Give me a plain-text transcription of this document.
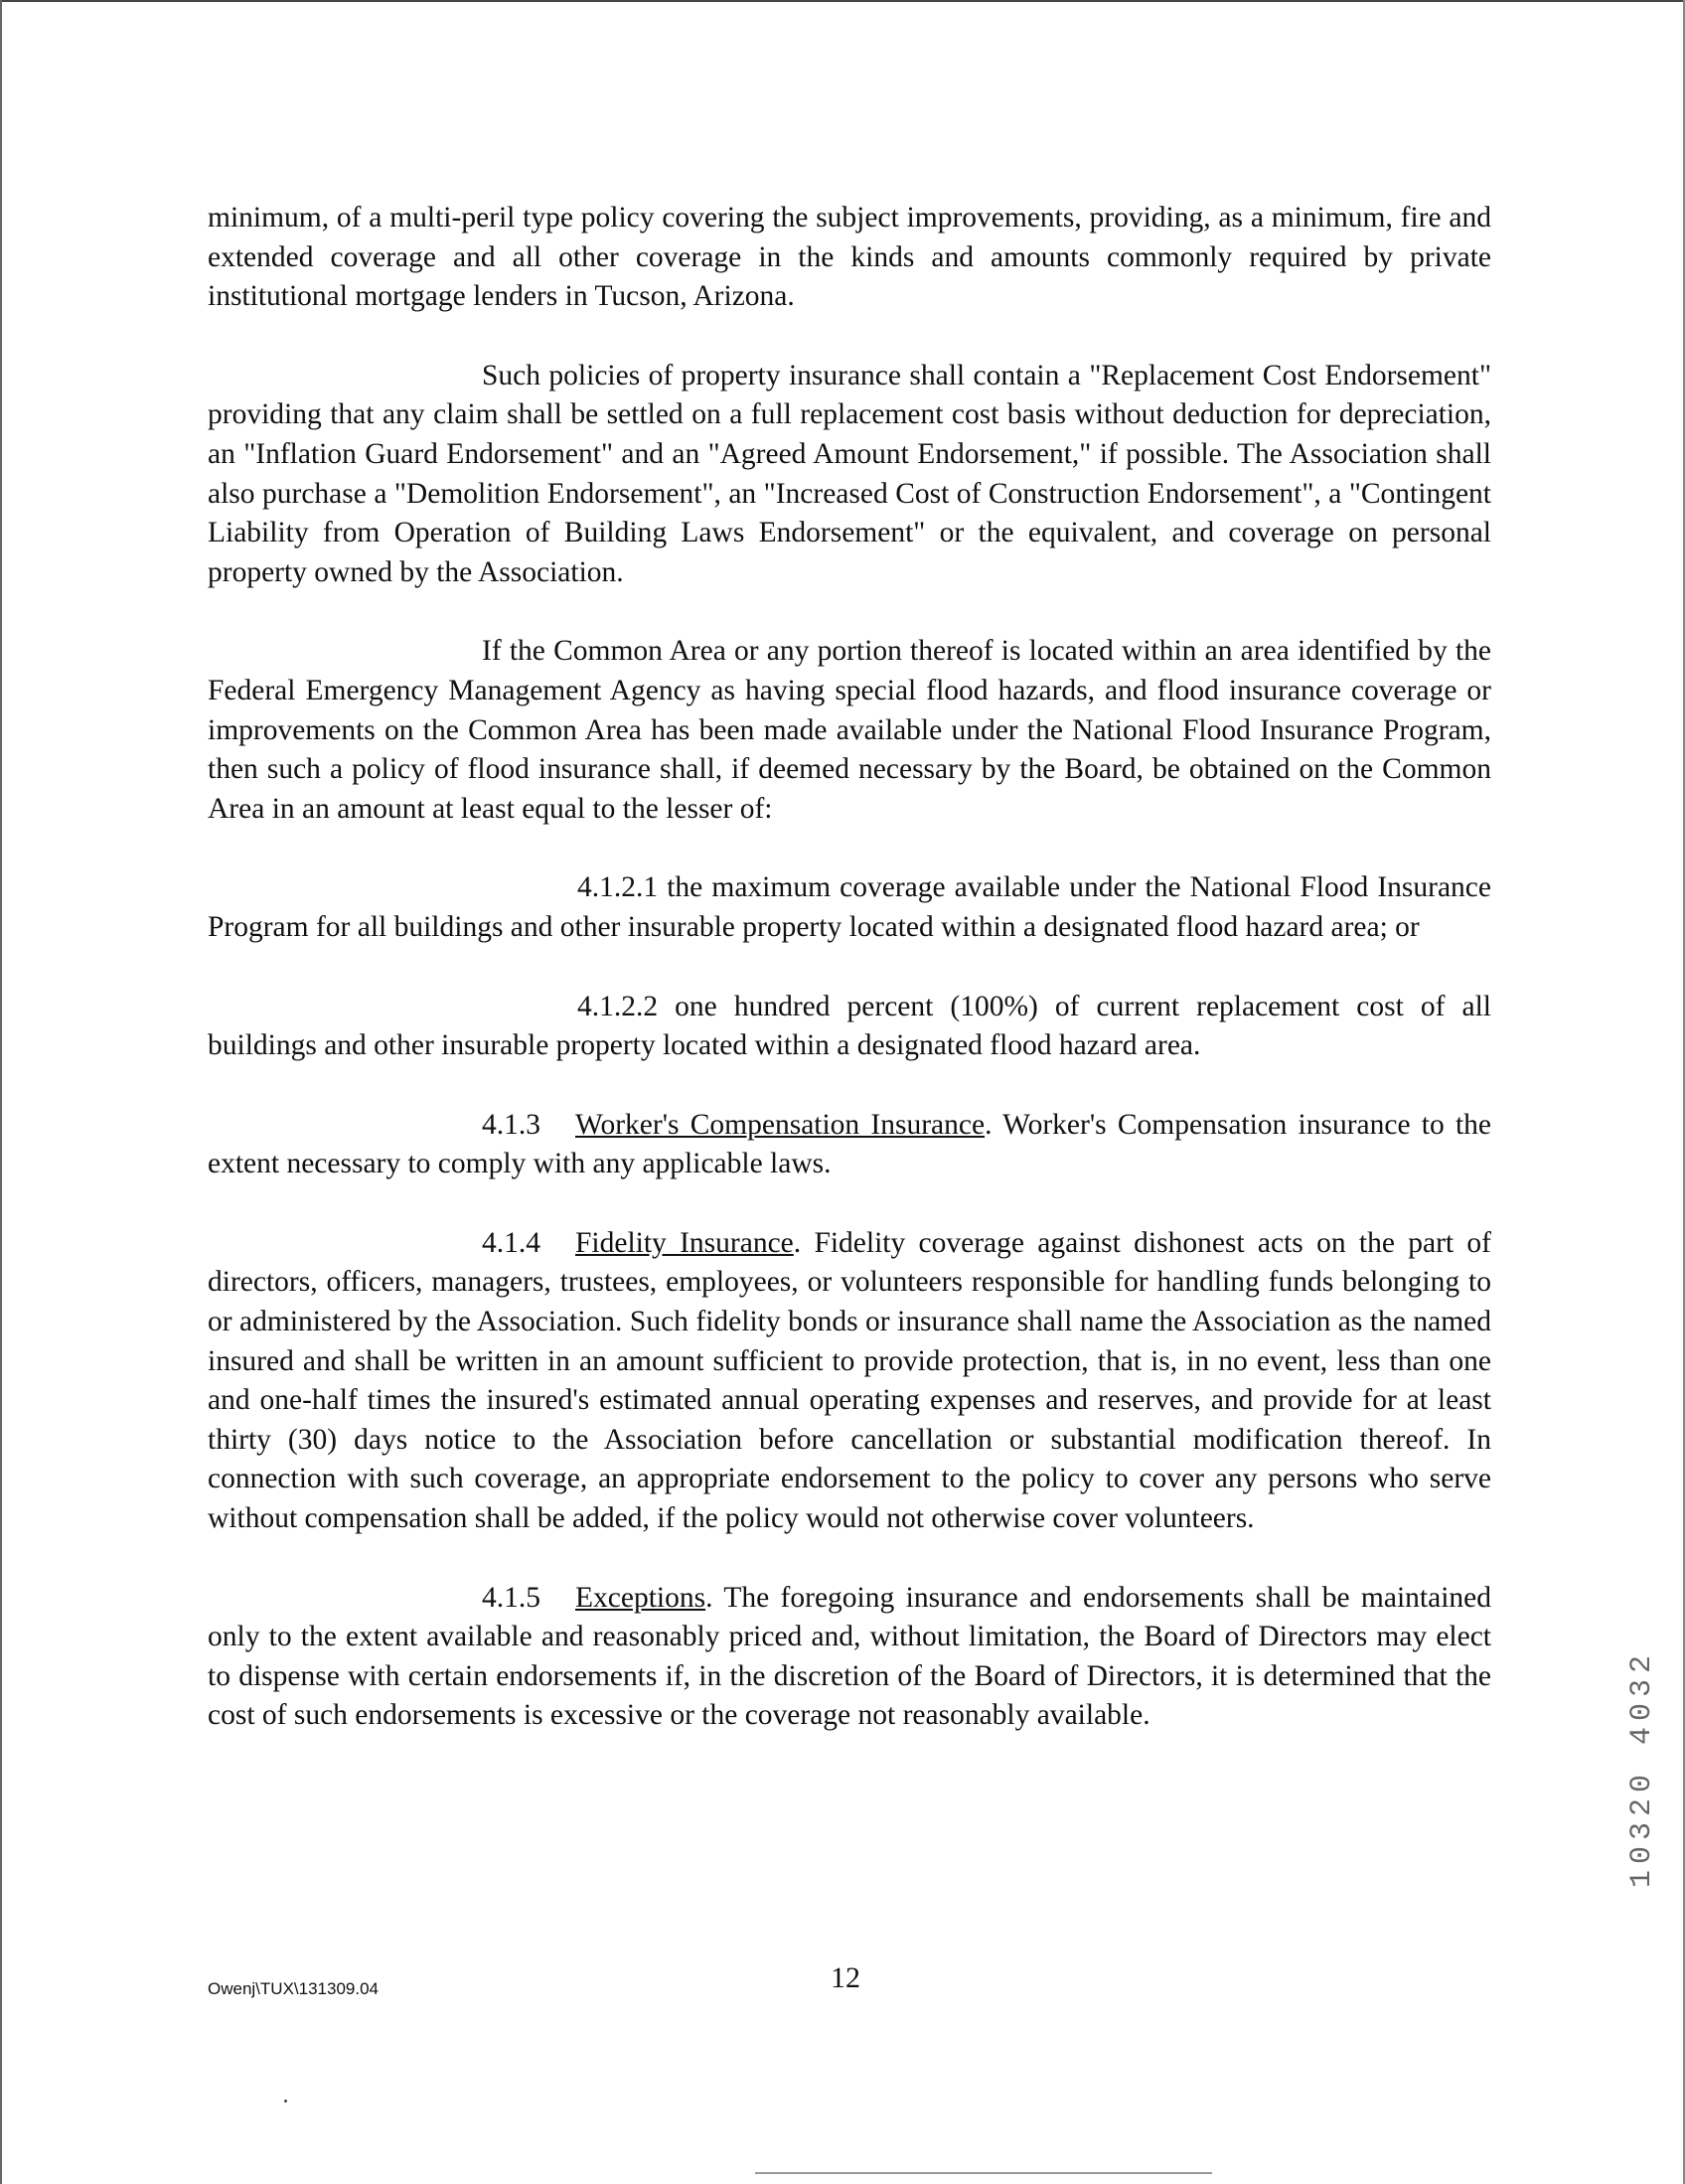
minimum, of a multi-peril type policy covering the subject improvements, providing, as a minimum, fire and extended coverage and all other coverage in the kinds and amounts commonly required by private institutional mortgage lenders in Tucson, Arizona.

Such policies of property insurance shall contain a "Replacement Cost Endorsement" providing that any claim shall be settled on a full replacement cost basis without deduction for depreciation, an "Inflation Guard Endorsement" and an "Agreed Amount Endorsement," if possible. The Association shall also purchase a "Demolition Endorsement", an "Increased Cost of Construction Endorsement", a "Contingent Liability from Operation of Building Laws Endorsement" or the equivalent, and coverage on personal property owned by the Association.

If the Common Area or any portion thereof is located within an area identified by the Federal Emergency Management Agency as having special flood hazards, and flood insurance coverage or improvements on the Common Area has been made available under the National Flood Insurance Program, then such a policy of flood insurance shall, if deemed necessary by the Board, be obtained on the Common Area in an amount at least equal to the lesser of:

4.1.2.1 the maximum coverage available under the National Flood Insurance Program for all buildings and other insurable property located within a designated flood hazard area; or

4.1.2.2 one hundred percent (100%) of current replacement cost of all buildings and other insurable property located within a designated flood hazard area.

4.1.3 Worker's Compensation Insurance. Worker's Compensation insurance to the extent necessary to comply with any applicable laws.

4.1.4 Fidelity Insurance. Fidelity coverage against dishonest acts on the part of directors, officers, managers, trustees, employees, or volunteers responsible for handling funds belonging to or administered by the Association. Such fidelity bonds or insurance shall name the Association as the named insured and shall be written in an amount sufficient to provide protection, that is, in no event, less than one and one-half times the insured's estimated annual operating expenses and reserves, and provide for at least thirty (30) days notice to the Association before cancellation or substantial modification thereof. In connection with such coverage, an appropriate endorsement to the policy to cover any persons who serve without compensation shall be added, if the policy would not otherwise cover volunteers.

4.1.5 Exceptions. The foregoing insurance and endorsements shall be maintained only to the extent available and reasonably priced and, without limitation, the Board of Directors may elect to dispense with certain endorsements if, in the discretion of the Board of Directors, it is determined that the cost of such endorsements is excessive or the coverage not reasonably available.

Owenj\TUX\131309.04	12
10320 4032
